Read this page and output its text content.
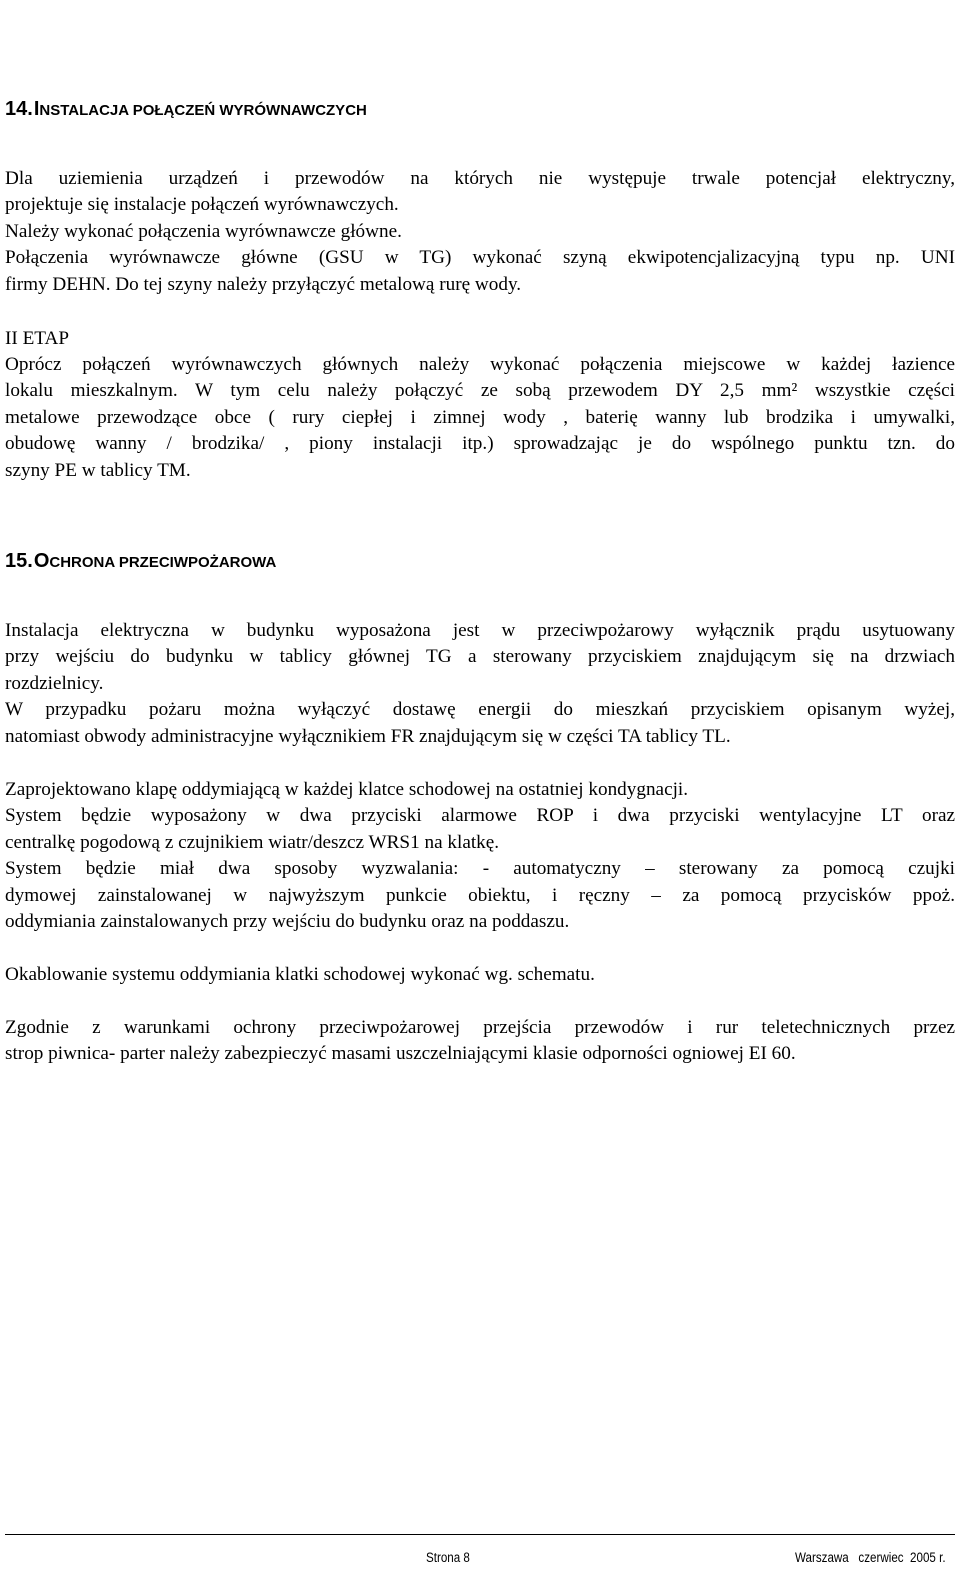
14.INSTALACJA POŁĄCZEŃ WYRÓWNAWCZYCH

Dla uziemienia urządzeń i przewodów na których nie występuje trwale potencjał elektryczny,
projektuje się instalacje połączeń wyrównawczych.
Należy wykonać połączenia wyrównawcze główne.
Połączenia wyrównawcze główne (GSU w TG) wykonać szyną ekwipotencjalizacyjną typu np. UNI
firmy DEHN. Do tej szyny należy przyłączyć metalową rurę wody.

II ETAP

Oprócz połączeń wyrównawczych głównych należy wykonać połączenia miejscowe w każdej łazience
lokalu mieszkalnym. W tym celu należy połączyć ze sobą przewodem DY 2,5 mm² wszystkie części
metalowe przewodzące obce ( rury ciepłej i zimnej wody , baterię wanny lub brodzika i umywalki,
obudowę wanny / brodzika/ , piony instalacji itp.) sprowadzając je do wspólnego punktu tzn. do
szyny PE w tablicy TM.

15.OCHRONA PRZECIWPOŻAROWA

Instalacja elektryczna w budynku wyposażona jest w przeciwpożarowy wyłącznik prądu usytuowany
przy wejściu do budynku w tablicy głównej TG a sterowany przyciskiem znajdującym się na drzwiach
rozdzielnicy.
W przypadku pożaru można wyłączyć dostawę energii do mieszkań przyciskiem opisanym wyżej,
natomiast obwody administracyjne wyłącznikiem FR znajdującym się w części TA tablicy TL.

Zaprojektowano klapę oddymiającą w każdej klatce schodowej na ostatniej kondygnacji.
System będzie wyposażony w dwa przyciski alarmowe ROP i dwa przyciski wentylacyjne LT oraz
centralkę pogodową z czujnikiem wiatr/deszcz WRS1 na klatkę.
System będzie miał dwa sposoby wyzwalania: - automatyczny – sterowany za pomocą czujki
dymowej zainstalowanej w najwyższym punkcie obiektu, i ręczny – za pomocą przycisków ppoż.
oddymiania zainstalowanych przy wejściu do budynku oraz na poddaszu.

Okablowanie systemu oddymiania klatki schodowej wykonać wg. schematu.

Zgodnie z warunkami ochrony przeciwpożarowej przejścia przewodów i rur teletechnicznych przez
strop piwnica- parter należy zabezpieczyć masami uszczelniającymi klasie odporności ogniowej EI 60.

Strona 8	Warszawa   czerwiec  2005 r.
